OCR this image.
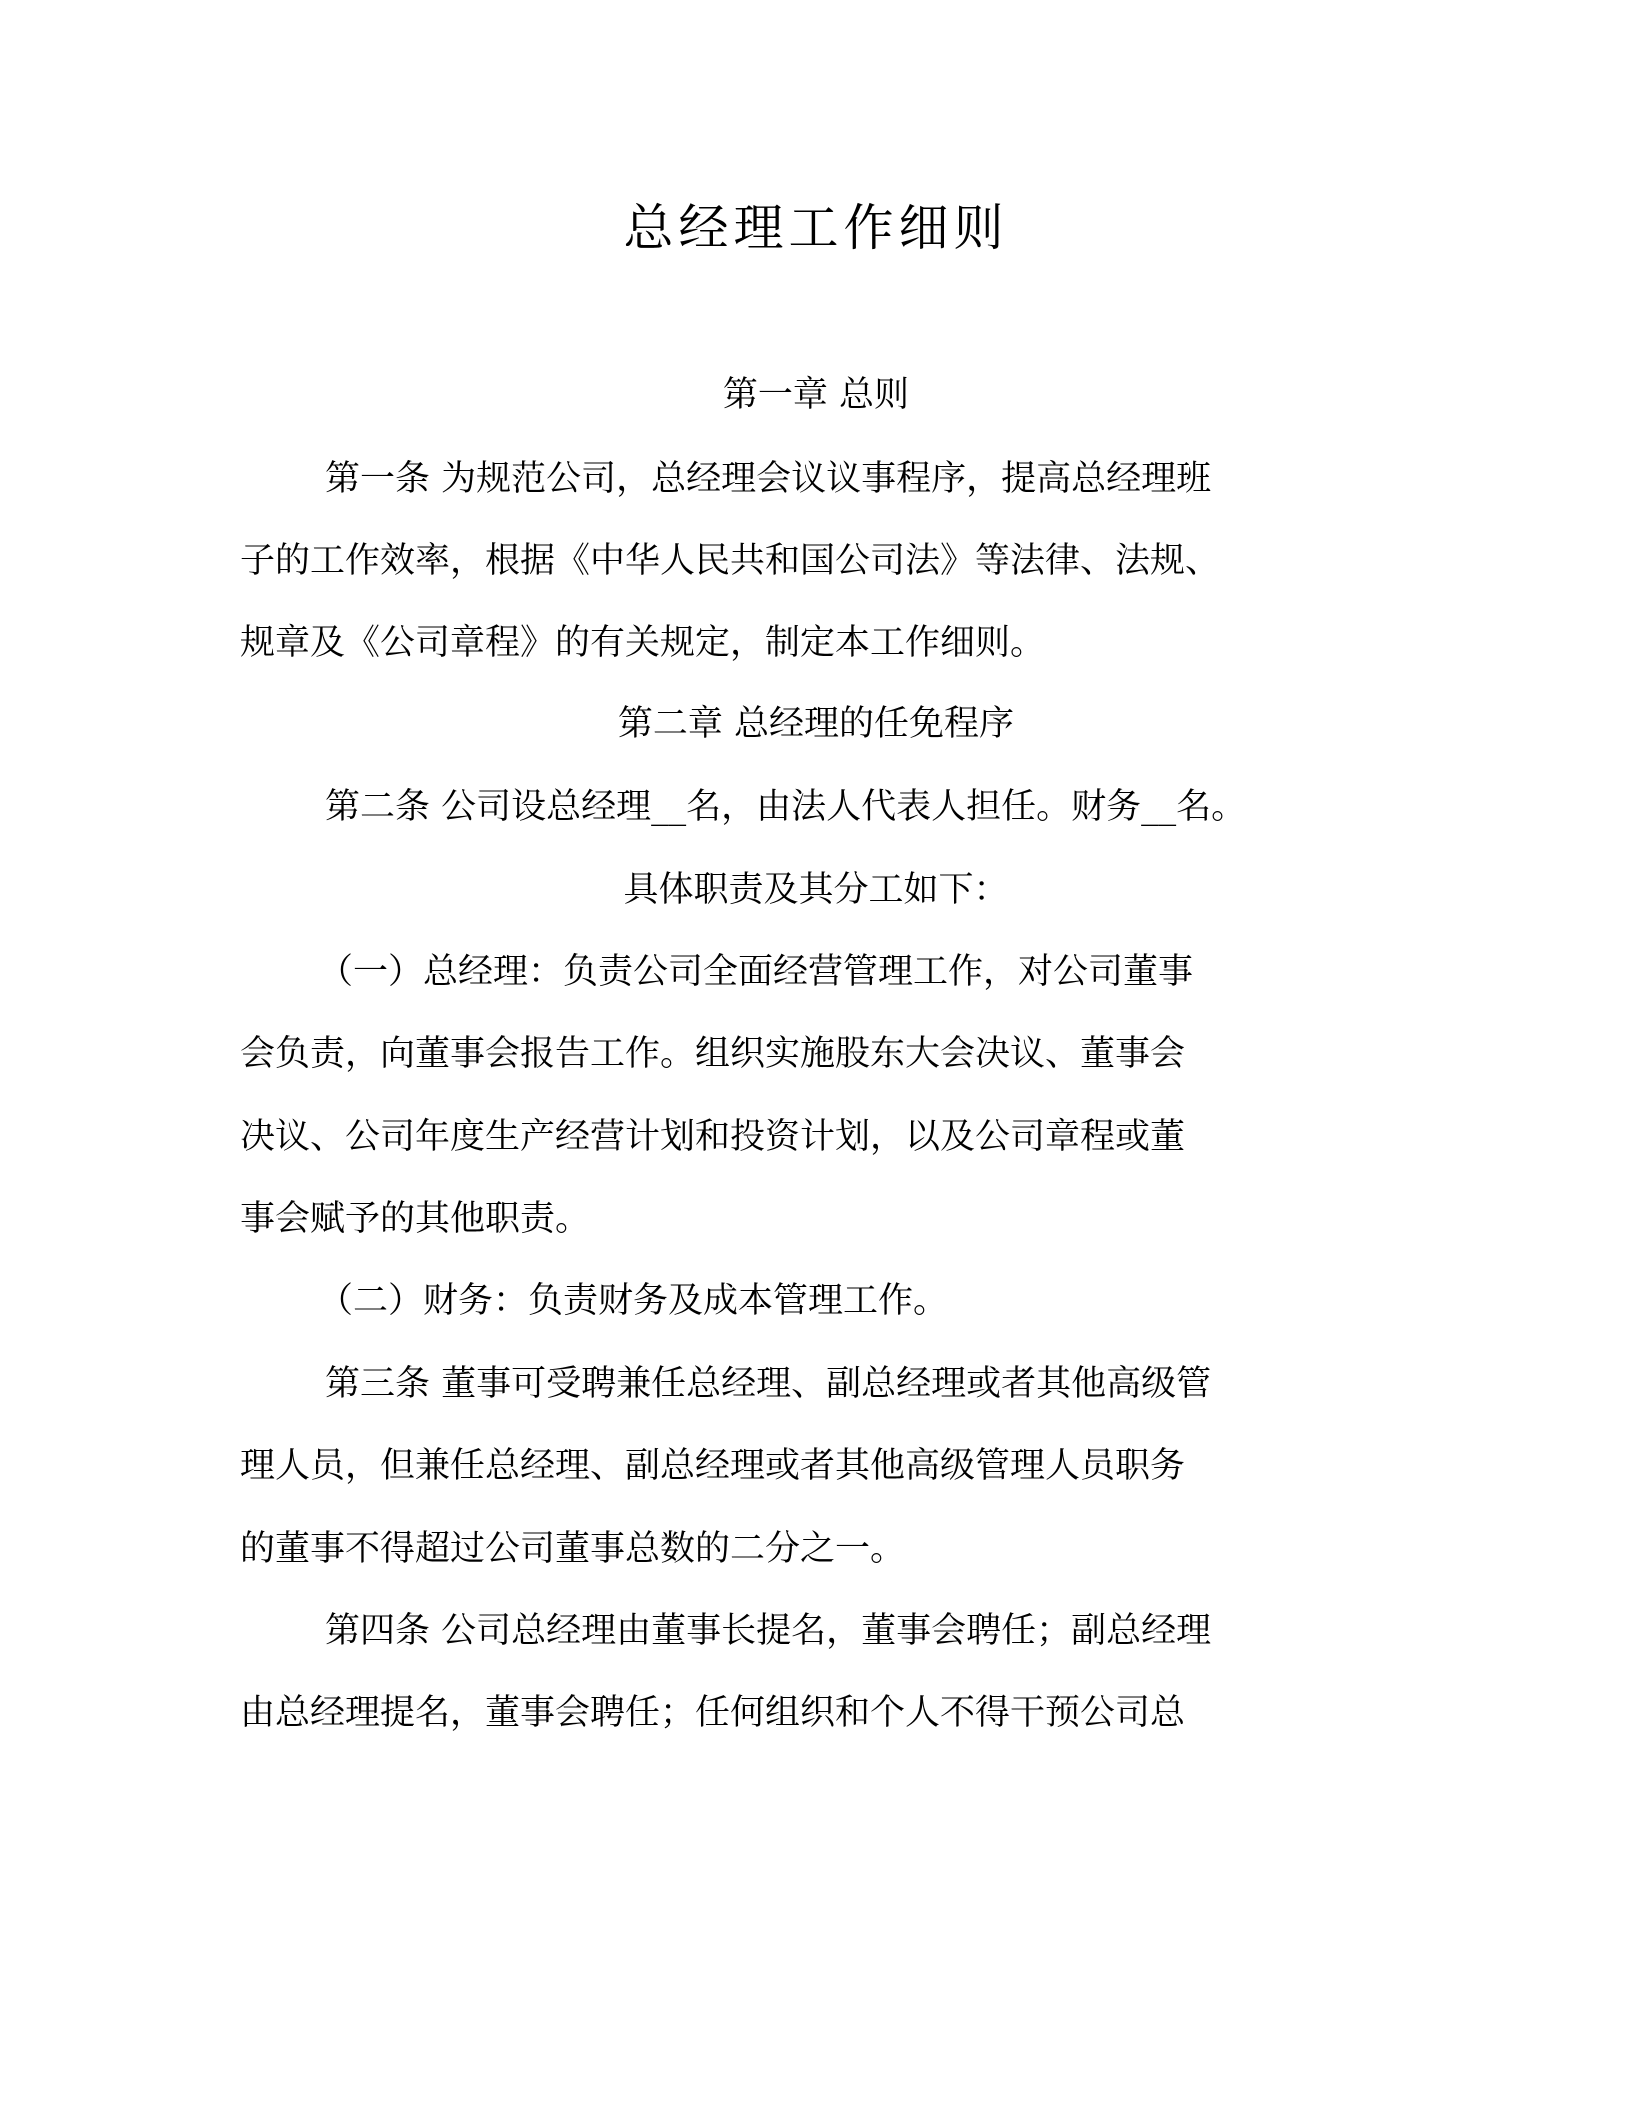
总经理工作细则
第一章 总则
第一条 为规范公司，总经理会议议事程序，提高总经理班
子的工作效率，根据《中华人民共和国公司法》等法律、法规、
规章及《公司章程》的有关规定，制定本工作细则。
第二章 总经理的任免程序
第二条 公司设总经理__名，由法人代表人担任。财务__名。
具体职责及其分工如下：
（一）总经理：负责公司全面经营管理工作，对公司董事
会负责，向董事会报告工作。组织实施股东大会决议、董事会
决议、公司年度生产经营计划和投资计划，以及公司章程或董
事会赋予的其他职责。
（二）财务：负责财务及成本管理工作。
第三条 董事可受聘兼任总经理、副总经理或者其他高级管
理人员，但兼任总经理、副总经理或者其他高级管理人员职务
的董事不得超过公司董事总数的二分之一。
第四条 公司总经理由董事长提名，董事会聘任；副总经理
由总经理提名，董事会聘任；任何组织和个人不得干预公司总
